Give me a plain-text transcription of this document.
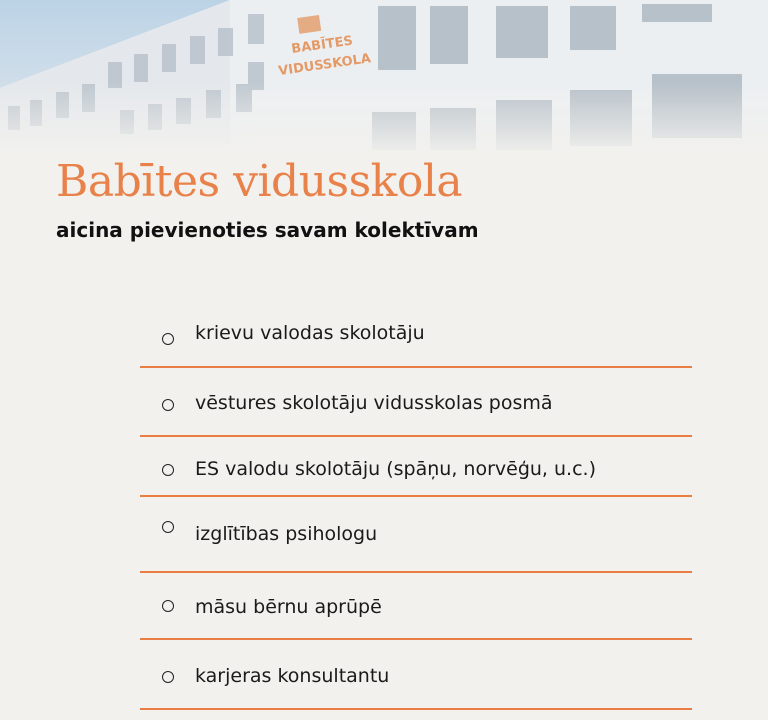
Babītes vidusskola
aicina pievienoties savam kolektīvam
krievu valodas skolotāju
vēstures skolotāju vidusskolas posmā
ES valodu skolotāju (spāņu, norvēģu, u.c.)
izglītības psihologu
māsu bērnu aprūpē
karjeras konsultantu
